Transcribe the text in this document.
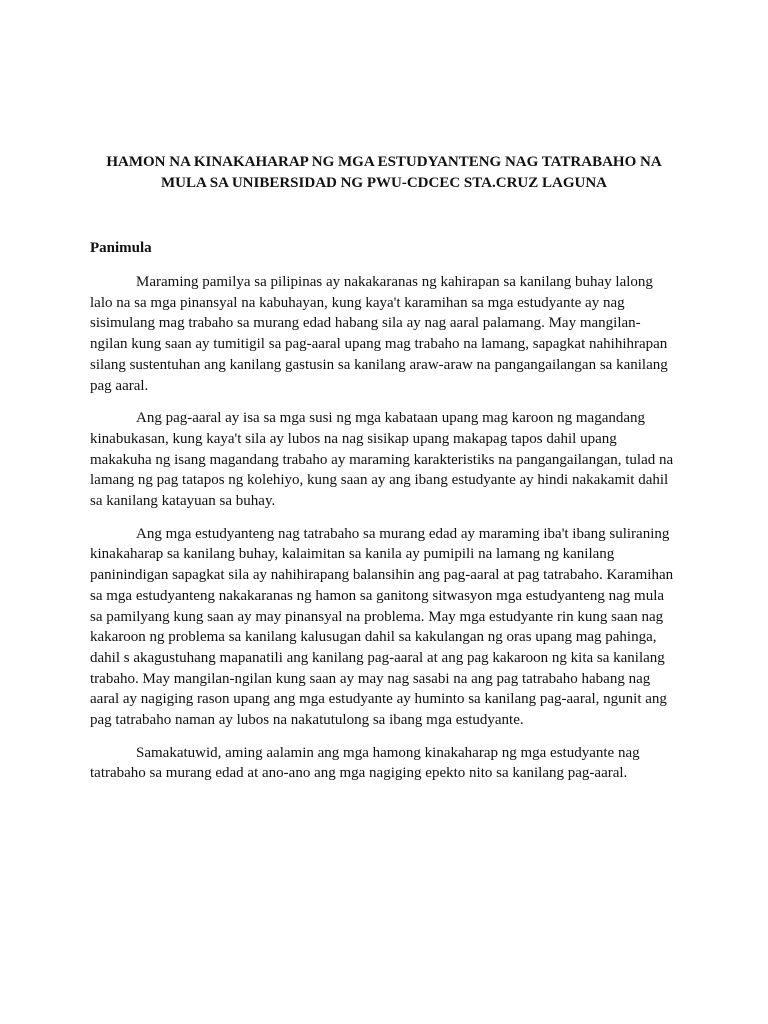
HAMON NA KINAKAHARAP NG MGA ESTUDYANTENG NAG TATRABAHO NA
MULA SA UNIBERSIDAD NG PWU-CDCEC STA.CRUZ LAGUNA
Panimula

Maraming pamilya sa pilipinas ay nakakaranas ng kahirapan sa kanilang buhay lalong
lalo na sa mga pinansyal na kabuhayan, kung kaya't karamihan sa mga estudyante ay nag
sisimulang mag trabaho sa murang edad habang sila ay nag aaral palamang. May mangilan-
ngilan kung saan ay tumitigil sa pag-aaral upang mag trabaho na lamang, sapagkat nahihihrapan
silang sustentuhan ang kanilang gastusin sa kanilang araw-araw na pangangailangan sa kanilang
pag aaral.

Ang pag-aaral ay isa sa mga susi ng mga kabataan upang mag karoon ng magandang
kinabukasan, kung kaya't sila ay lubos na nag sisikap upang makapag tapos dahil upang
makakuha ng isang magandang trabaho ay maraming karakteristiks na pangangailangan, tulad na
lamang ng pag tatapos ng kolehiyo, kung saan ay ang ibang estudyante ay hindi nakakamit dahil
sa kanilang katayuan sa buhay.

Ang mga estudyanteng nag tatrabaho sa murang edad ay maraming iba't ibang suliraning
kinakaharap sa kanilang buhay, kalaimitan sa kanila ay pumipili na lamang ng kanilang
paninindigan sapagkat sila ay nahihirapang balansihin ang pag-aaral at pag tatrabaho. Karamihan
sa mga estudyanteng nakakaranas ng hamon sa ganitong sitwasyon mga estudyanteng nag mula
sa pamilyang kung saan ay may pinansyal na problema. May mga estudyante rin kung saan nag
kakaroon ng problema sa kanilang kalusugan dahil sa kakulangan ng oras upang mag pahinga,
dahil s akagustuhang mapanatili ang kanilang pag-aaral at ang pag kakaroon ng kita sa kanilang
trabaho. May mangilan-ngilan kung saan ay may nag sasabi na ang pag tatrabaho habang nag
aaral ay nagiging rason upang ang mga estudyante ay huminto sa kanilang pag-aaral, ngunit ang
pag tatrabaho naman ay lubos na nakatutulong sa ibang mga estudyante.

Samakatuwid, aming aalamin ang mga hamong kinakaharap ng mga estudyante nag
tatrabaho sa murang edad at ano-ano ang mga nagiging epekto nito sa kanilang pag-aaral.
